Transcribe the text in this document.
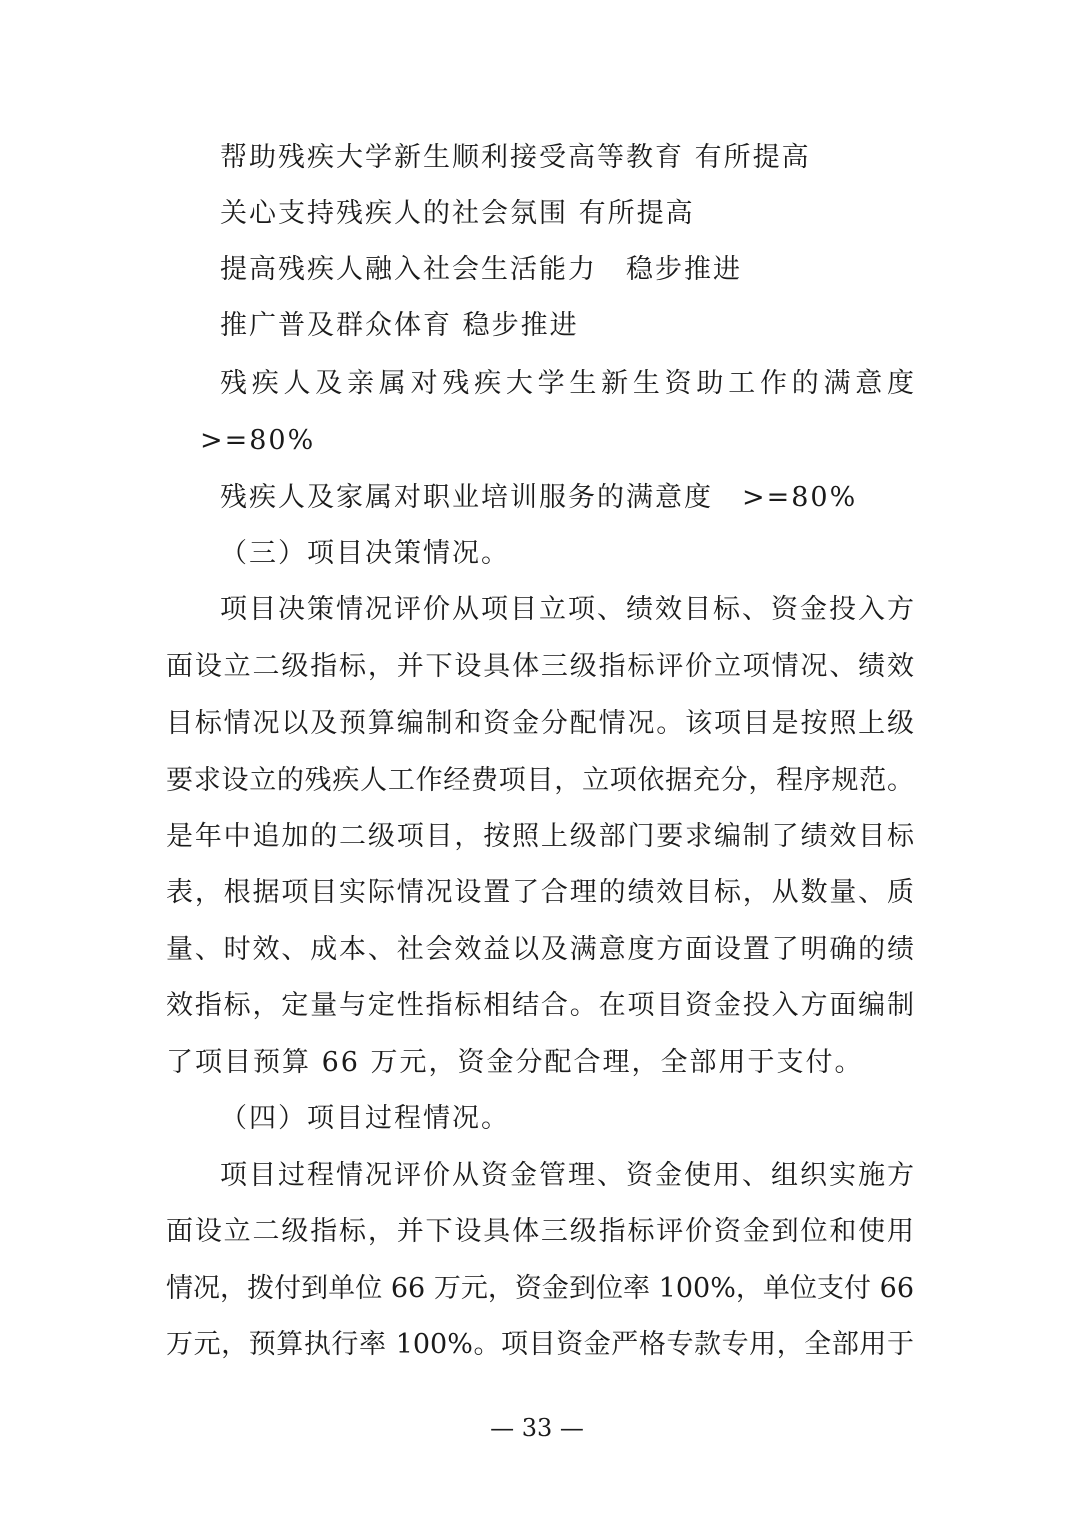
帮助残疾大学新生顺利接受高等教育 有所提高
关心支持残疾人的社会氛围 有所提高
提高残疾人融入社会生活能力　稳步推进
推广普及群众体育 稳步推进
残疾人及亲属对残疾大学生新生资助工作的满意度
>=80%
残疾人及家属对职业培训服务的满意度　>=80%
（三）项目决策情况。
项目决策情况评价从项目立项、绩效目标、资金投入方
面设立二级指标，并下设具体三级指标评价立项情况、绩效
目标情况以及预算编制和资金分配情况。该项目是按照上级
要求设立的残疾人工作经费项目，立项依据充分，程序规范。
是年中追加的二级项目，按照上级部门要求编制了绩效目标
表，根据项目实际情况设置了合理的绩效目标，从数量、质
量、时效、成本、社会效益以及满意度方面设置了明确的绩
效指标，定量与定性指标相结合。在项目资金投入方面编制
了项目预算 66 万元，资金分配合理，全部用于支付。
（四）项目过程情况。
项目过程情况评价从资金管理、资金使用、组织实施方
面设立二级指标，并下设具体三级指标评价资金到位和使用
情况，拨付到单位 66 万元，资金到位率 100%，单位支付 66
万元，预算执行率 100%。项目资金严格专款专用，全部用于
— 33 —
